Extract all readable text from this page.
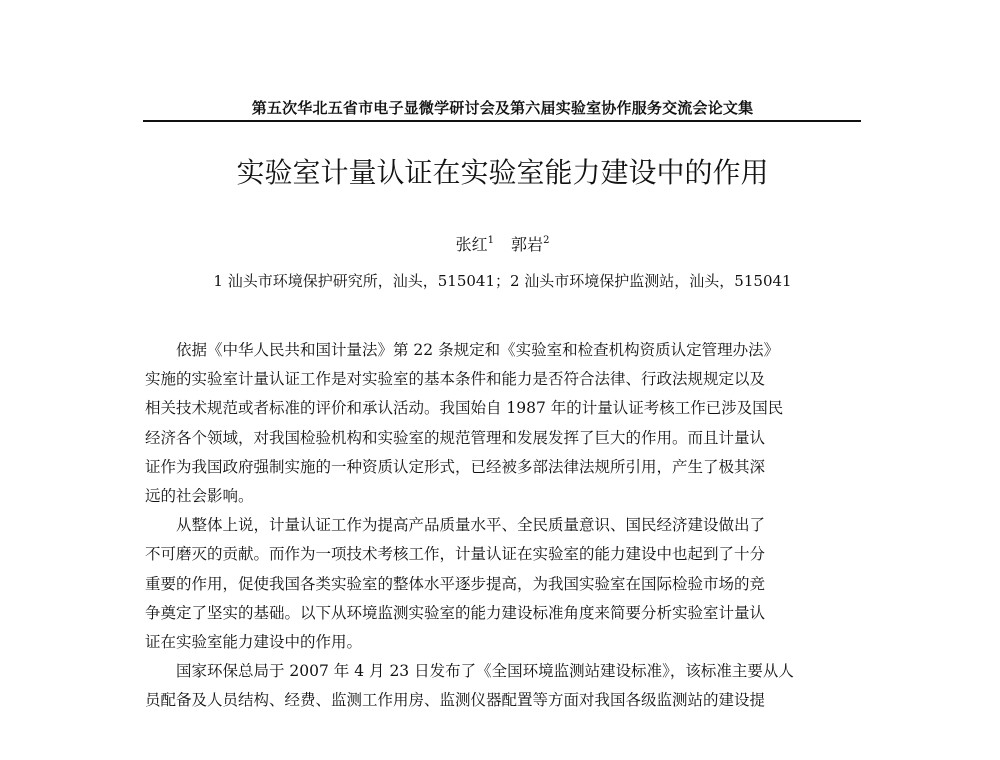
第五次华北五省市电子显微学研讨会及第六届实验室协作服务交流会论文集
实验室计量认证在实验室能力建设中的作用
张红$^1$ 郭岩$^2$
1 汕头市环境保护研究所，汕头，515041；2 汕头市环境保护监测站，汕头，515041

依据《中华人民共和国计量法》第 22 条规定和《实验室和检查机构资质认定管理办法》
实施的实验室计量认证工作是对实验室的基本条件和能力是否符合法律、行政法规规定以及
相关技术规范或者标准的评价和承认活动。我国始自 1987 年的计量认证考核工作已涉及国民
经济各个领域，对我国检验机构和实验室的规范管理和发展发挥了巨大的作用。而且计量认
证作为我国政府强制实施的一种资质认定形式，已经被多部法律法规所引用，产生了极其深
远的社会影响。

从整体上说，计量认证工作为提高产品质量水平、全民质量意识、国民经济建设做出了
不可磨灭的贡献。而作为一项技术考核工作，计量认证在实验室的能力建设中也起到了十分
重要的作用，促使我国各类实验室的整体水平逐步提高，为我国实验室在国际检验市场的竞
争奠定了坚实的基础。以下从环境监测实验室的能力建设标准角度来简要分析实验室计量认
证在实验室能力建设中的作用。

国家环保总局于 2007 年 4 月 23 日发布了《全国环境监测站建设标准》，该标准主要从人
员配备及人员结构、经费、监测工作用房、监测仪器配置等方面对我国各级监测站的建设提
